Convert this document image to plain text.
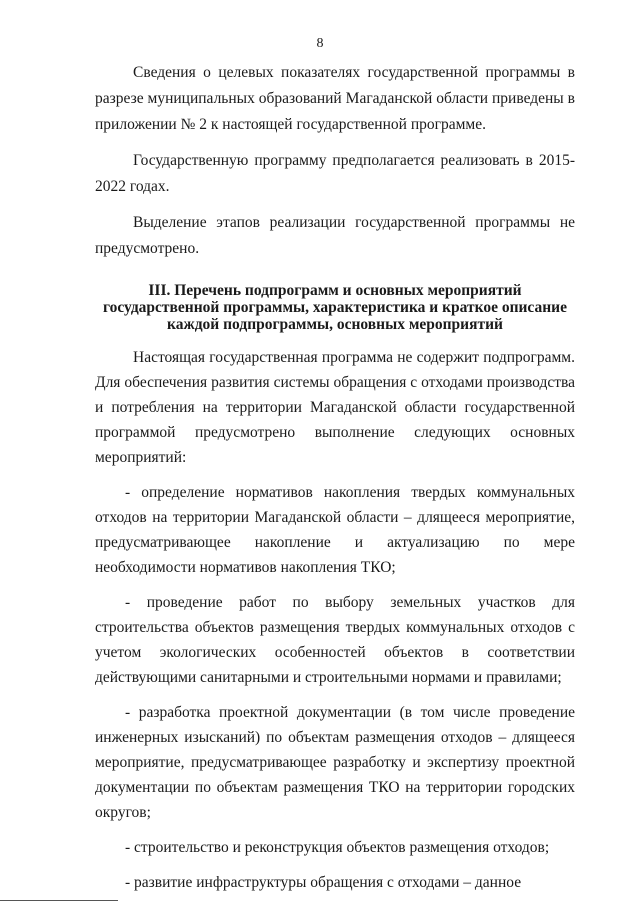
8

Сведения о целевых показателях государственной программы в разрезе муниципальных образований Магаданской области приведены в приложении № 2 к настоящей государственной программе.

Государственную программу предполагается реализовать в 2015-2022 годах.

Выделение этапов реализации государственной программы не предусмотрено.

III. Перечень подпрограмм и основных мероприятий
государственной программы, характеристика и краткое описание
каждой подпрограммы, основных мероприятий

Настоящая государственная программа не содержит подпрограмм. Для обеспечения развития системы обращения с отходами производства и потребления на территории Магаданской области государственной программой предусмотрено выполнение следующих основных мероприятий:

- определение нормативов накопления твердых коммунальных отходов на территории Магаданской области – длящееся мероприятие, предусматривающее накопление и актуализацию по мере необходимости нормативов накопления ТКО;

- проведение работ по выбору земельных участков для строительства объектов размещения твердых коммунальных отходов с учетом экологических особенностей объектов в соответствии действующими санитарными и строительными нормами и правилами;

- разработка проектной документации (в том числе проведение инженерных изысканий) по объектам размещения отходов – длящееся мероприятие, предусматривающее разработку и экспертизу проектной документации по объектам размещения ТКО на территории городских округов;

- строительство и реконструкция объектов размещения отходов;

- развитие инфраструктуры обращения с отходами – данное
